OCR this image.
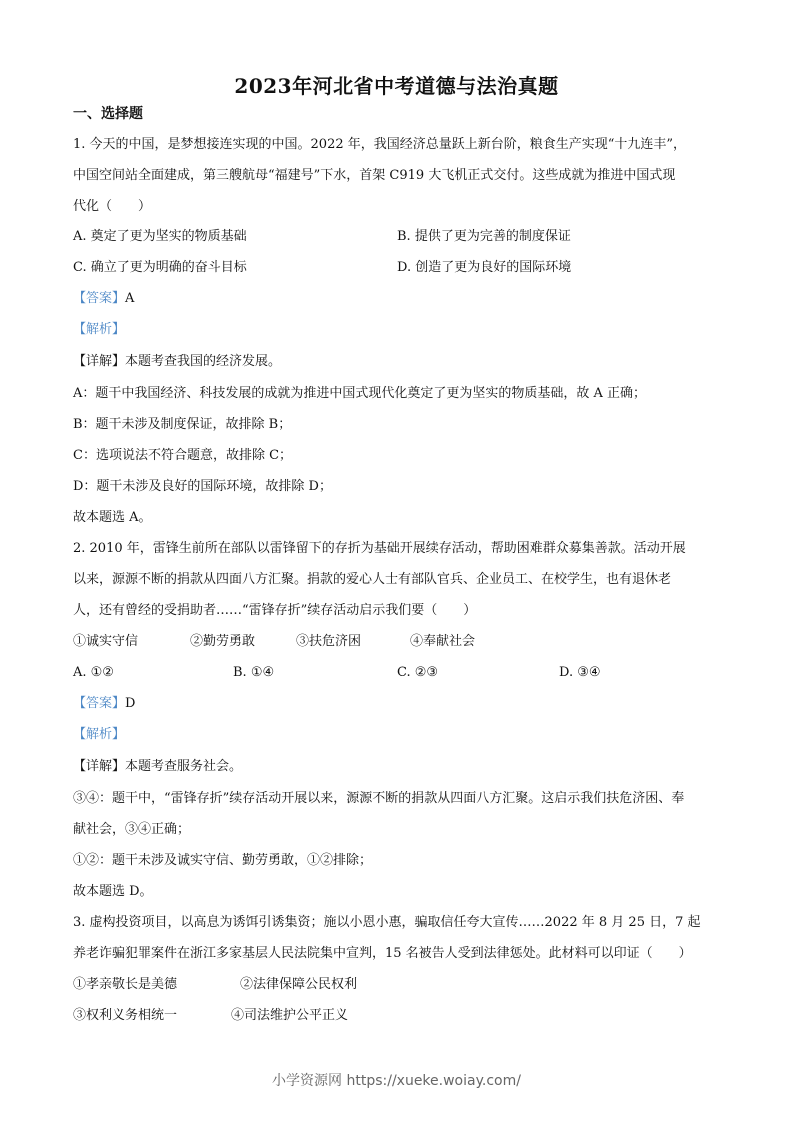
2023年河北省中考道德与法治真题
一、选择题
1. 今天的中国，是梦想接连实现的中国。2022 年，我国经济总量跃上新台阶，粮食生产实现“十九连丰”，
中国空间站全面建成，第三艘航母“福建号”下水，首架 C919 大飞机正式交付。这些成就为推进中国式现
代化（　　）
A. 奠定了更为坚实的物质基础	B. 提供了更为完善的制度保证
C. 确立了更为明确的奋斗目标	D. 创造了更为良好的国际环境
【答案】A
【解析】
【详解】本题考查我国的经济发展。
A：题干中我国经济、科技发展的成就为推进中国式现代化奠定了更为坚实的物质基础，故 A 正确；
B：题干未涉及制度保证，故排除 B；
C：选项说法不符合题意，故排除 C；
D：题干未涉及良好的国际环境，故排除 D；
故本题选 A。
2. 2010 年，雷锋生前所在部队以雷锋留下的存折为基础开展续存活动，帮助困难群众募集善款。活动开展
以来，源源不断的捐款从四面八方汇聚。捐款的爱心人士有部队官兵、企业员工、在校学生，也有退休老
人，还有曾经的受捐助者……“雷锋存折”续存活动启示我们要（　　）
①诚实守信	②勤劳勇敢	③扶危济困	④奉献社会
A. ①②	B. ①④	C. ②③	D. ③④
【答案】D
【解析】
【详解】本题考查服务社会。
③④：题干中，“雷锋存折”续存活动开展以来，源源不断的捐款从四面八方汇聚。这启示我们扶危济困、奉
献社会，③④正确；
①②：题干未涉及诚实守信、勤劳勇敢，①②排除；
故本题选 D。
3. 虚构投资项目，以高息为诱饵引诱集资；施以小恩小惠，骗取信任夸大宣传……2022 年 8 月 25 日，7 起
养老诈骗犯罪案件在浙江多家基层人民法院集中宣判，15 名被告人受到法律惩处。此材料可以印证（　　）
①孝亲敬长是美德	②法律保障公民权利
③权利义务相统一	④司法维护公平正义
小学资源网 https://xueke.woiay.com/
